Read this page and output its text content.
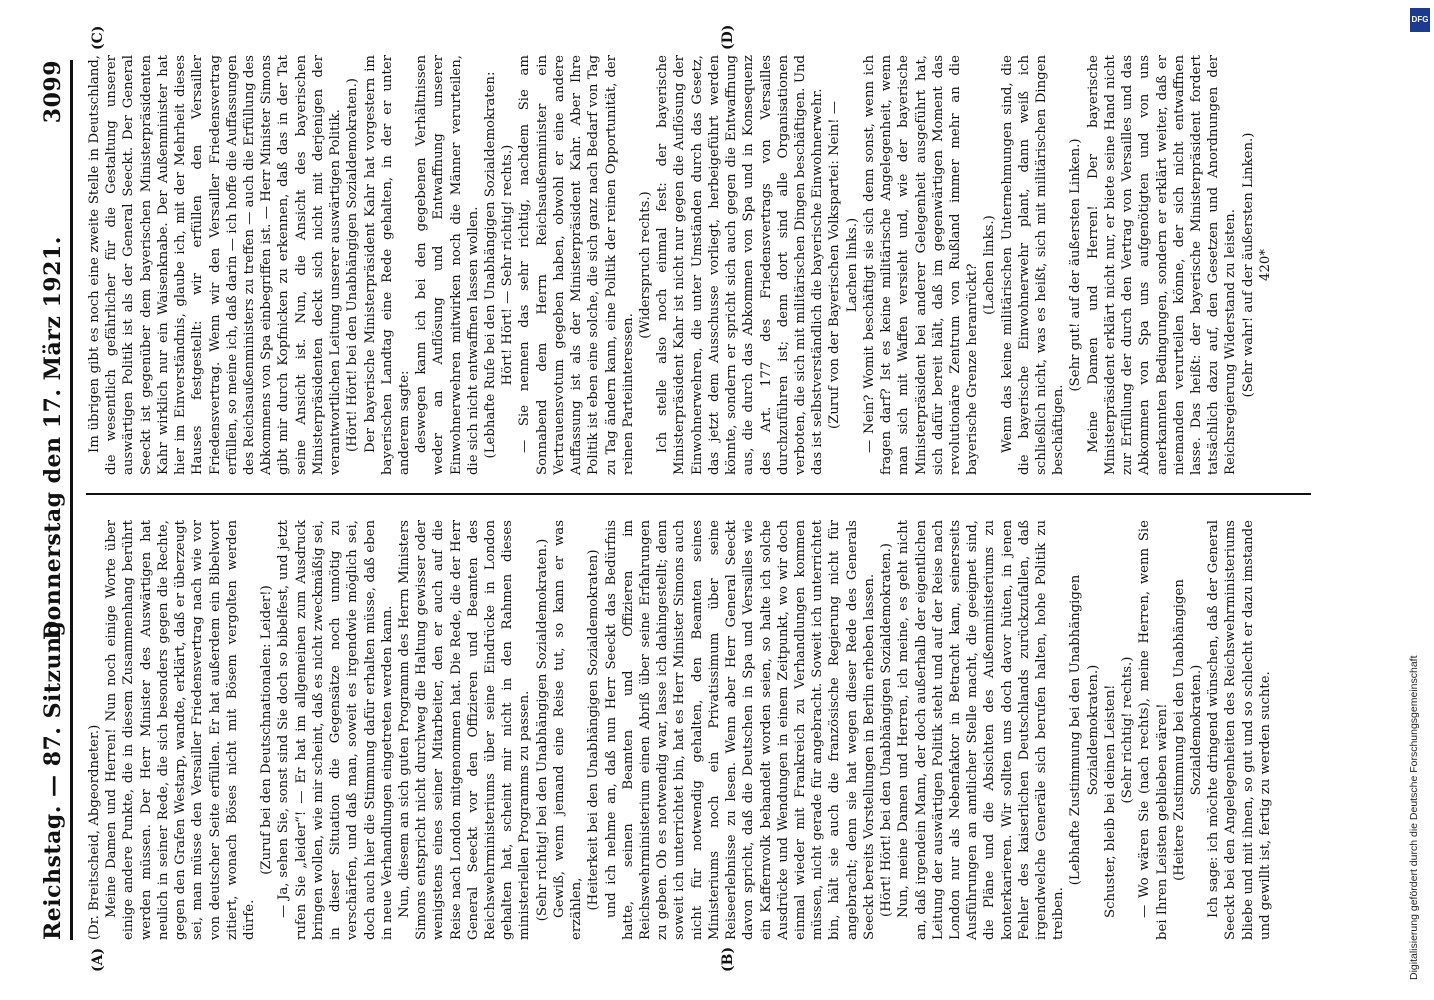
DFG
Digitalisierung gefördert durch die Deutsche Forschungsgemeinschaft
Reichstag. — 87. Sitzung.
Donnerstag den 17. März 1921.
3099
(A)	(B)
(C)	(D)

(Dr. Breitscheid, Abgeordneter.) Meine Damen und Herren! Nun noch einige Worte über einige andere Punkte, die in diesem Zusammenhang berührt werden müssen. Der Herr Minister des Auswärtigen hat neulich in seiner Rede, die sich besonders gegen die Rechte, gegen den Grafen Westarp, wandte, erklärt, daß er überzeugt sei, man müsse den Versailler Friedensvertrag nach wie vor von deutscher Seite erfüllen. Er hat außerdem ein Bibelwort zitiert, wonach Böses nicht mit Bösem vergolten werden dürfe.

(Zuruf bei den Deutschnationalen: Leider!) — Ja, sehen Sie, sonst sind Sie doch so bibelfest, und jetzt rufen Sie „leider“! — Er hat im allgemeinen zum Ausdruck bringen wollen, wie mir scheint, daß es nicht zweckmäßig sei, in dieser Situation die Gegensätze noch unnötig zu verschärfen, und daß man, soweit es irgendwie möglich sei, doch auch hier die Stimmung dafür erhalten müsse, daß eben in neue Verhandlungen eingetreten werden kann. Nun, diesem an sich guten Programm des Herrn Ministers Simons entspricht nicht durchweg die Haltung gewisser oder wenigstens eines seiner Mitarbeiter, den er auch auf die Reise nach London mitgenommen hat. Die Rede, die der Herr General Seeckt vor den Offizieren und Beamten des Reichswehrministeriums über seine Eindrücke in London gehalten hat, scheint mir nicht in den Rahmen dieses ministeriellen Programms zu passen. (Sehr richtig! bei den Unabhängigen Sozialdemokraten.) Gewiß, wenn jemand eine Reise tut, so kann er was erzählen, (Heiterkeit bei den Unabhängigen Sozialdemokraten) und ich nehme an, daß nun Herr Seeckt das Bedürfnis hatte, seinen Beamten und Offizieren im Reichswehrministerium einen Abriß über seine Erfahrungen zu geben. Ob es notwendig war, lasse ich dahingestellt; denn soweit ich unterrichtet bin, hat es Herr Minister Simons auch nicht für notwendig gehalten, den Beamten seines Ministeriums noch ein Privatissimum über seine Reiseerlebnisse zu lesen. Wenn aber Herr General Seeckt davon spricht, daß die Deutschen in Spa und Versailles wie ein Kaffernvolk behandelt worden seien, so halte ich solche Ausdrücke und Wendungen in einem Zeitpunkt, wo wir doch einmal wieder mit Frankreich zu Verhandlungen kommen müssen, nicht gerade für angebracht. Soweit ich unterrichtet bin, hält sie auch die französische Regierung nicht für angebracht; denn sie hat wegen dieser Rede des Generals Seeckt bereits Vorstellungen in Berlin erheben lassen. (Hört! Hört! bei den Unabhängigen Sozialdemokraten.) Nun, meine Damen und Herren, ich meine, es geht nicht an, daß irgendein Mann, der doch außerhalb der eigentlichen Leitung der auswärtigen Politik steht und auf der Reise nach London nur als Nebenfaktor in Betracht kam, seinerseits Ausführungen an amtlicher Stelle macht, die geeignet sind, die Pläne und die Absichten des Außenministeriums zu konterkarieren. Wir sollten uns doch davor hüten, in jenen Fehler des kaiserlichen Deutschlands zurückzufallen, daß irgendwelche Generäle sich berufen halten, hohe Politik zu treiben.

(Lebhafte Zustimmung bei den Unabhängigen Sozialdemokraten.) Schuster, bleib bei deinen Leisten! (Sehr richtig! rechts.) — Wo wären Sie (nach rechts), meine Herren, wenn Sie bei Ihren Leisten geblieben wären! (Heitere Zustimmung bei den Unabhängigen Sozialdemokraten.) Ich sage: ich möchte dringend wünschen, daß der General Seeckt bei den Angelegenheiten des Reichswehrministeriums bliebe und mit ihnen, so gut und so schlecht er dazu imstande und gewillt ist, fertig zu werden suchte.

Im übrigen gibt es noch eine zweite Stelle in Deutschland, die wesentlich gefährlicher für die Gestaltung unserer auswärtigen Politik ist als der General Seeckt. Der General Seeckt ist gegenüber dem bayerischen Ministerpräsidenten Kahr wirklich nur ein Waisenknabe. Der Außenminister hat hier im Einverständnis, glaube ich, mit der Mehrheit dieses Hauses festgestellt: wir erfüllen den Versailler Friedensvertrag. Wenn wir den Versailler Friedensvertrag erfüllen, so meine ich, daß darin — ich hoffe die Auffassungen des Reichsaußenministers zu treffen — auch die Erfüllung des Abkommens von Spa einbegriffen ist. — Herr Minister Simons gibt mir durch Kopfnicken zu erkennen, daß das in der Tat seine Ansicht ist. Nun, die Ansicht des bayerischen Ministerpräsidenten deckt sich nicht mit derjenigen der verantwortlichen Leitung unserer auswärtigen Politik. (Hört! Hört! bei den Unabhängigen Sozialdemokraten.) Der bayerische Ministerpräsident Kahr hat vorgestern im bayerischen Landtag eine Rede gehalten, in der er unter anderem sagte: deswegen kann ich bei den gegebenen Verhältnissen weder an Auflösung und Entwaffnung unserer Einwohnerwehren mitwirken noch die Männer verurteilen, die sich nicht entwaffnen lassen wollen. (Lebhafte Rufe bei den Unabhängigen Sozialdemokraten: Hört! Hört! — Sehr richtig! rechts.) — Sie nennen das sehr richtig, nachdem Sie am Sonnabend dem Herrn Reichsaußenminister ein Vertrauensvotum gegeben haben, obwohl er eine andere Auffassung ist als der Ministerpräsident Kahr. Aber Ihre Politik ist eben eine solche, die sich ganz nach Bedarf von Tag zu Tag ändern kann, eine Politik der reinen Opportunität, der reinen Parteiinteressen.

(Widerspruch rechts.) Ich stelle also noch einmal fest: der bayerische Ministerpräsident Kahr ist nicht nur gegen die Auflösung der Einwohnerwehren, die unter Umständen durch das Gesetz, das jetzt dem Ausschusse vorliegt, herbeigeführt werden könnte, sondern er spricht sich auch gegen die Entwaffnung aus, die durch das Abkommen von Spa und in Konsequenz des Art. 177 des Friedensvertrags von Versailles durchzuführen ist; denn dort sind alle Organisationen verboten, die sich mit militärischen Dingen beschäftigen. Und das ist selbstverständlich die bayerische Einwohnerwehr. (Zuruf von der Bayerischen Volkspartei: Nein! — Lachen links.) — Nein? Womit beschäftigt sie sich denn sonst, wenn ich fragen darf? Ist es keine militärische Angelegenheit, wenn man sich mit Waffen versieht und, wie der bayerische Ministerpräsident bei anderer Gelegenheit ausgeführt hat, sich dafür bereit hält, daß im gegenwärtigen Moment das revolutionäre Zentrum von Rußland immer mehr an die bayerische Grenze heranrückt? (Lachen links.) Wenn das keine militärischen Unternehmungen sind, die die bayerische Einwohnerwehr plant, dann weiß ich schließlich nicht, was es heißt, sich mit militärischen Dingen beschäftigen.

(Sehr gut! auf der äußersten Linken.) Meine Damen und Herren! Der bayerische Ministerpräsident erklärt nicht nur, er biete seine Hand nicht zur Erfüllung der durch den Vertrag von Versailles und das Abkommen von Spa uns aufgenötigten und von uns anerkannten Bedingungen, sondern er erklärt weiter, daß er niemanden verurteilen könne, der sich nicht entwaffnen lasse. Das heißt: der bayerische Ministerpräsident fordert tatsächlich dazu auf, den Gesetzen und Anordnungen der Reichsregierung Widerstand zu leisten. (Sehr wahr! auf der äußersten Linken.) 420*
